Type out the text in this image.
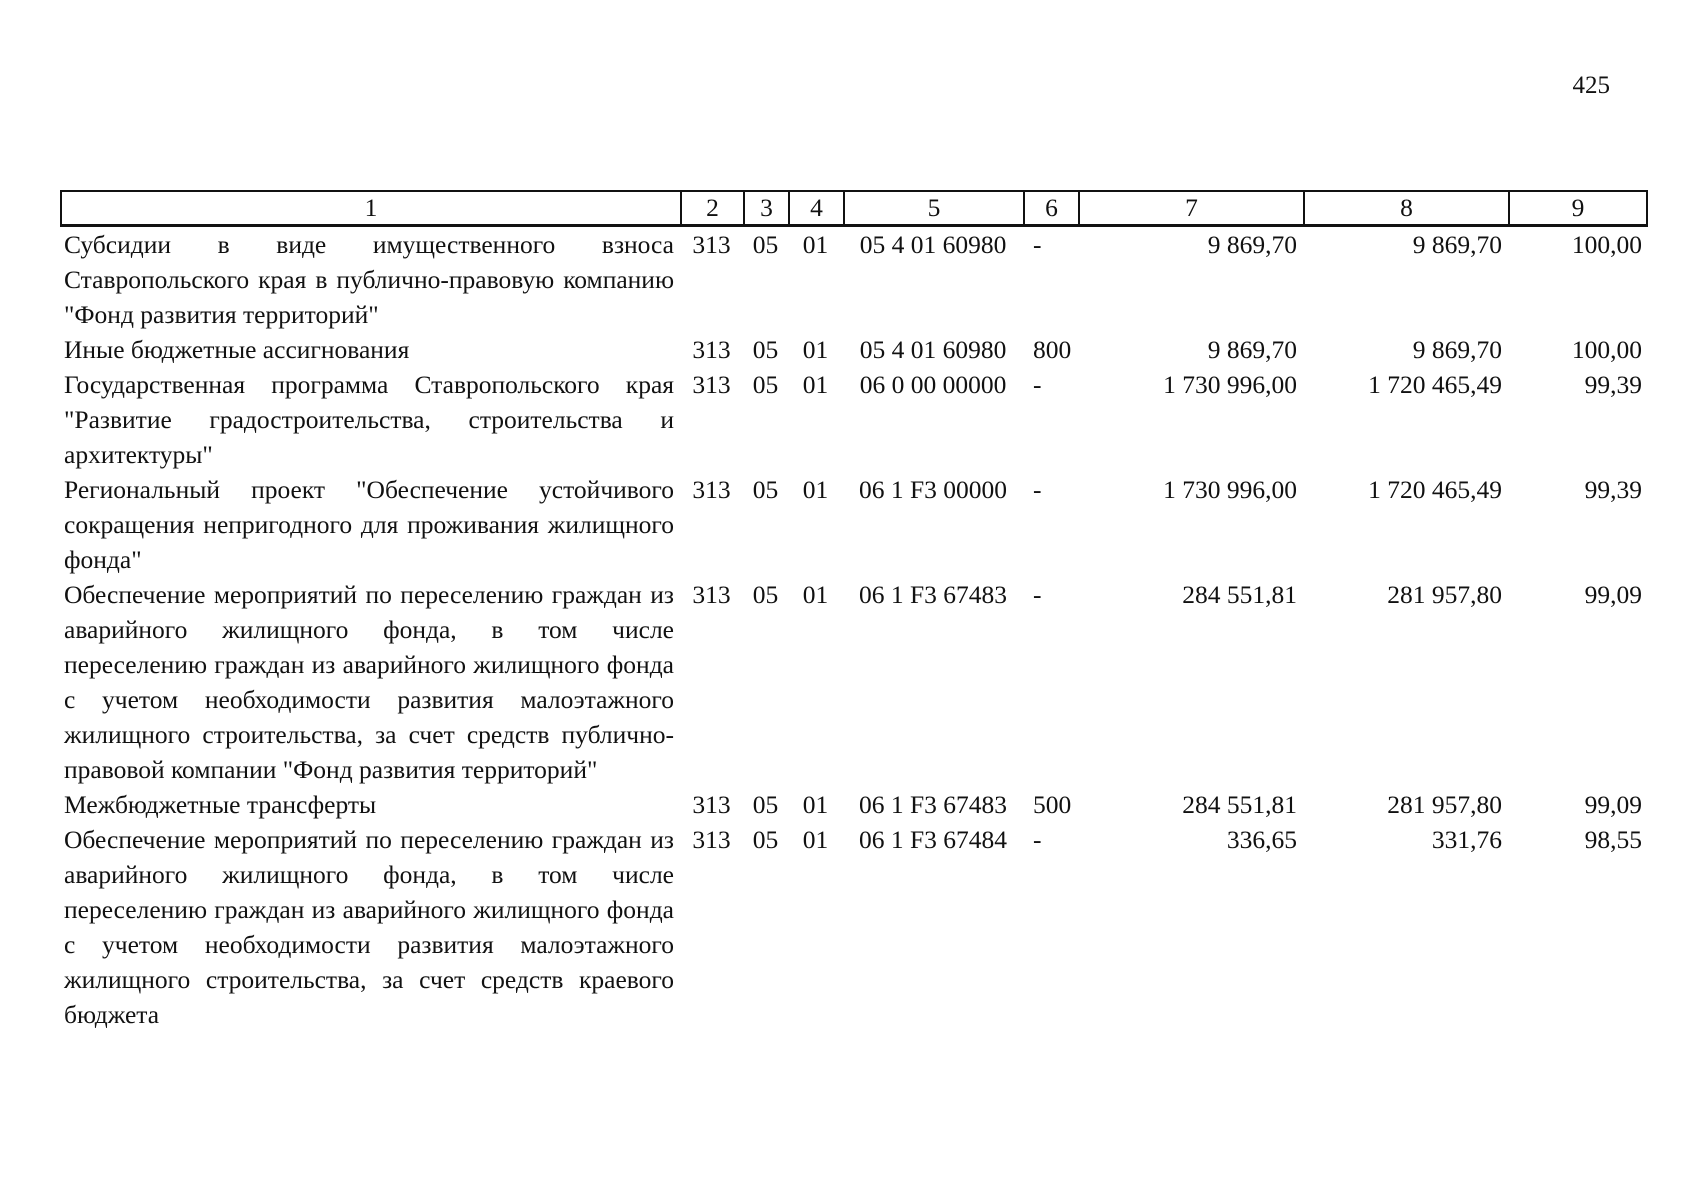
425
1	2	3	4	5	6	7	8	9
Субсидии в виде имущественного взноса Ставропольского края в публично-правовую компанию "Фонд развития территорий"	313	05	01	05 4 01 60980	-	9 869,70	9 869,70	100,00
Иные бюджетные ассигнования	313	05	01	05 4 01 60980	800	9 869,70	9 869,70	100,00
Государственная программа Ставропольского края "Развитие градостроительства, строительства и архитектуры"	313	05	01	06 0 00 00000	-	1 730 996,00	1 720 465,49	99,39
Региональный проект "Обеспечение устойчивого сокращения непригодного для проживания жилищного фонда"	313	05	01	06 1 F3 00000	-	1 730 996,00	1 720 465,49	99,39
Обеспечение мероприятий по переселению граждан из аварийного жилищного фонда, в том числе переселению граждан из аварийного жилищного фонда с учетом необходимости развития малоэтажного жилищного строительства, за счет средств публично-правовой компании "Фонд развития территорий"	313	05	01	06 1 F3 67483	-	284 551,81	281 957,80	99,09
Межбюджетные трансферты	313	05	01	06 1 F3 67483	500	284 551,81	281 957,80	99,09
Обеспечение мероприятий по переселению граждан из аварийного жилищного фонда, в том числе переселению граждан из аварийного жилищного фонда с учетом необходимости развития малоэтажного жилищного строительства, за счет средств краевого бюджета	313	05	01	06 1 F3 67484	-	336,65	331,76	98,55
